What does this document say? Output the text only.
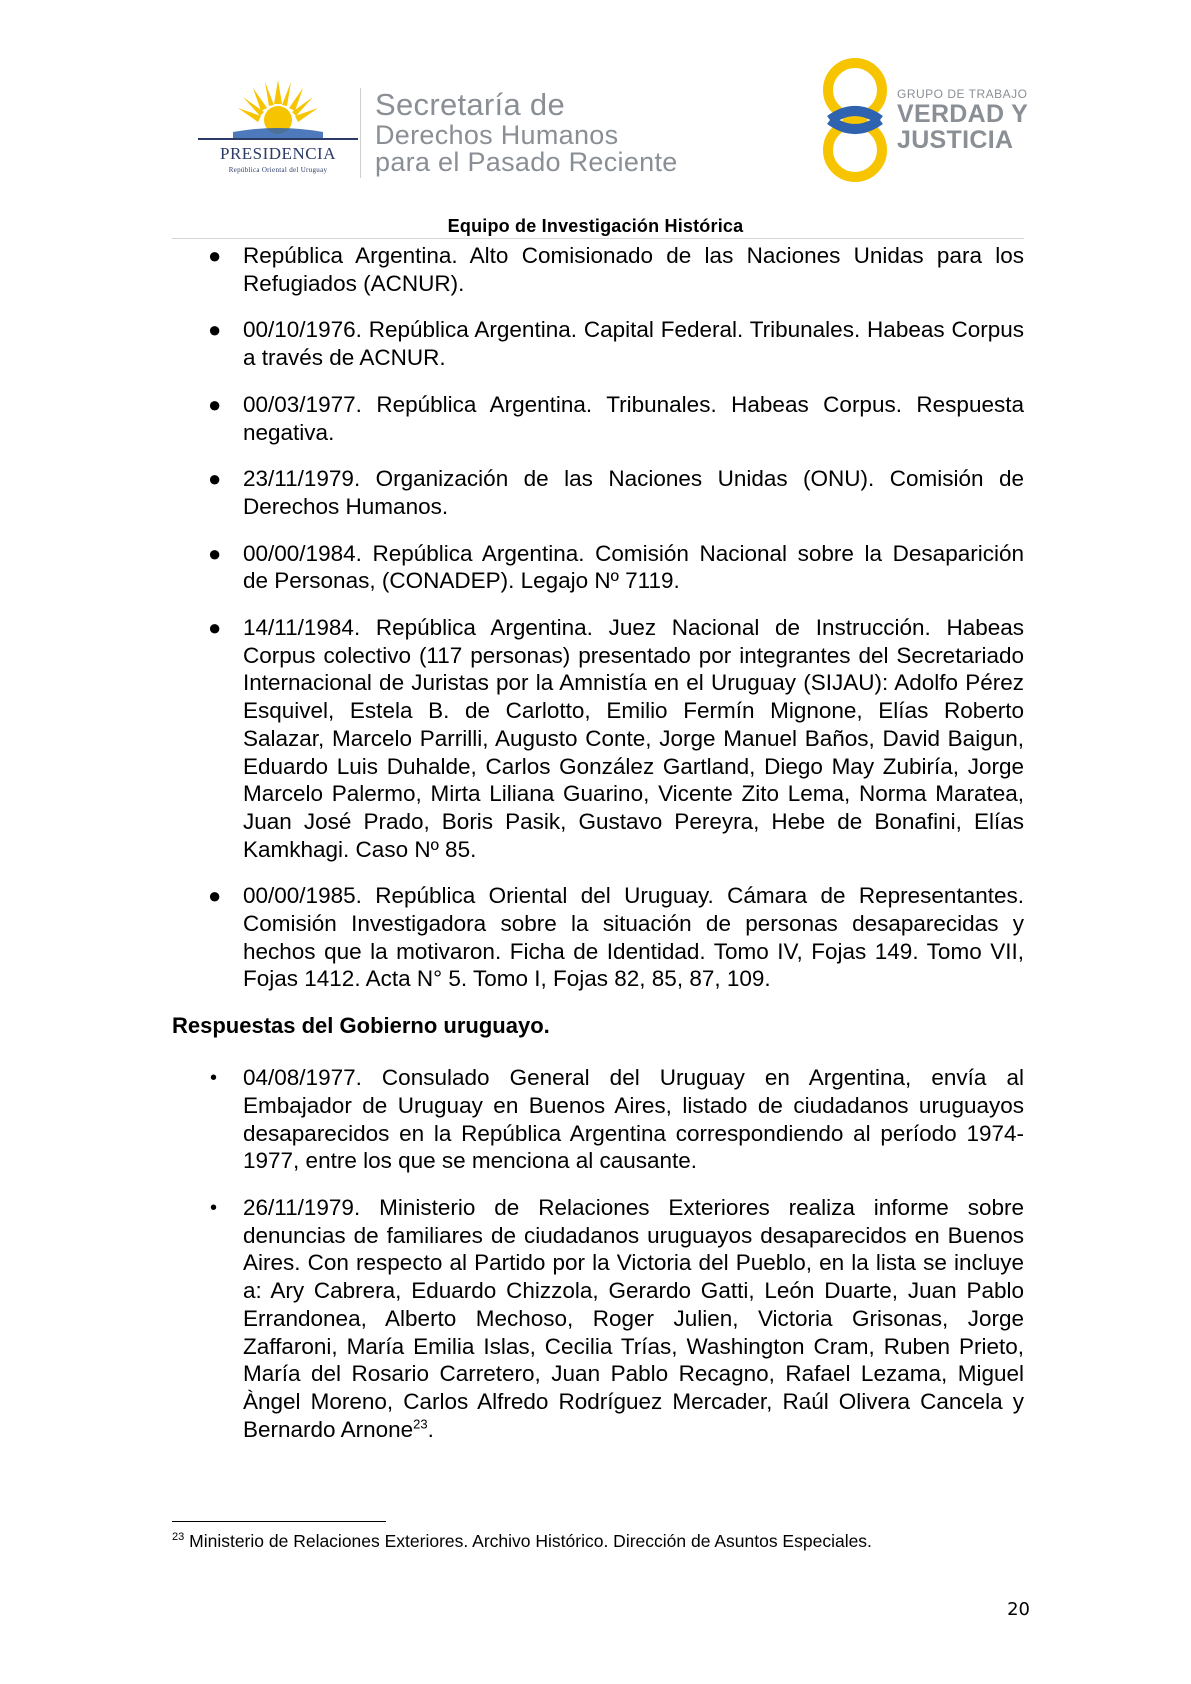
PRESIDENCIA
República Oriental del Uruguay
Secretaría de
Derechos Humanos
para el Pasado Reciente
GRUPO DE TRABAJO
VERDAD Y
JUSTICIA
Equipo de Investigación Histórica
● República Argentina. Alto Comisionado de las Naciones Unidas para los Refugiados (ACNUR).
● 00/10/1976. República Argentina. Capital Federal. Tribunales. Habeas Corpus a través de ACNUR.
● 00/03/1977. República Argentina. Tribunales. Habeas Corpus. Respuesta negativa.
● 23/11/1979. Organización de las Naciones Unidas (ONU). Comisión de Derechos Humanos.
● 00/00/1984. República Argentina. Comisión Nacional sobre la Desaparición de Personas, (CONADEP). Legajo Nº 7119.
● 14/11/1984. República Argentina. Juez Nacional de Instrucción. Habeas Corpus colectivo (117 personas) presentado por integrantes del Secretariado Internacional de Juristas por la Amnistía en el Uruguay (SIJAU): Adolfo Pérez Esquivel, Estela B. de Carlotto, Emilio Fermín Mignone, Elías Roberto Salazar, Marcelo Parrilli, Augusto Conte, Jorge Manuel Baños, David Baigun, Eduardo Luis Duhalde, Carlos González Gartland, Diego May Zubiría, Jorge Marcelo Palermo, Mirta Liliana Guarino, Vicente Zito Lema, Norma Maratea, Juan José Prado, Boris Pasik, Gustavo Pereyra, Hebe de Bonafini, Elías Kamkhagi. Caso Nº 85.
● 00/00/1985. República Oriental del Uruguay. Cámara de Representantes. Comisión Investigadora sobre la situación de personas desaparecidas y hechos que la motivaron. Ficha de Identidad. Tomo IV, Fojas 149. Tomo VII, Fojas 1412. Acta N° 5. Tomo I, Fojas 82, 85, 87, 109.
Respuestas del Gobierno uruguayo.
• 04/08/1977. Consulado General del Uruguay en Argentina, envía al Embajador de Uruguay en Buenos Aires, listado de ciudadanos uruguayos desaparecidos en la República Argentina correspondiendo al período 1974-1977, entre los que se menciona al causante.
• 26/11/1979. Ministerio de Relaciones Exteriores realiza informe sobre denuncias de familiares de ciudadanos uruguayos desaparecidos en Buenos Aires. Con respecto al Partido por la Victoria del Pueblo, en la lista se incluye a: Ary Cabrera, Eduardo Chizzola, Gerardo Gatti, León Duarte, Juan Pablo Errandonea, Alberto Mechoso, Roger Julien, Victoria Grisonas, Jorge Zaffaroni, María Emilia Islas, Cecilia Trías, Washington Cram, Ruben Prieto, María del Rosario Carretero, Juan Pablo Recagno, Rafael Lezama, Miguel Àngel Moreno, Carlos Alfredo Rodríguez Mercader, Raúl Olivera Cancela y Bernardo Arnone$^{23}$.
$^{23}$ Ministerio de Relaciones Exteriores. Archivo Histórico. Dirección de Asuntos Especiales.
20
